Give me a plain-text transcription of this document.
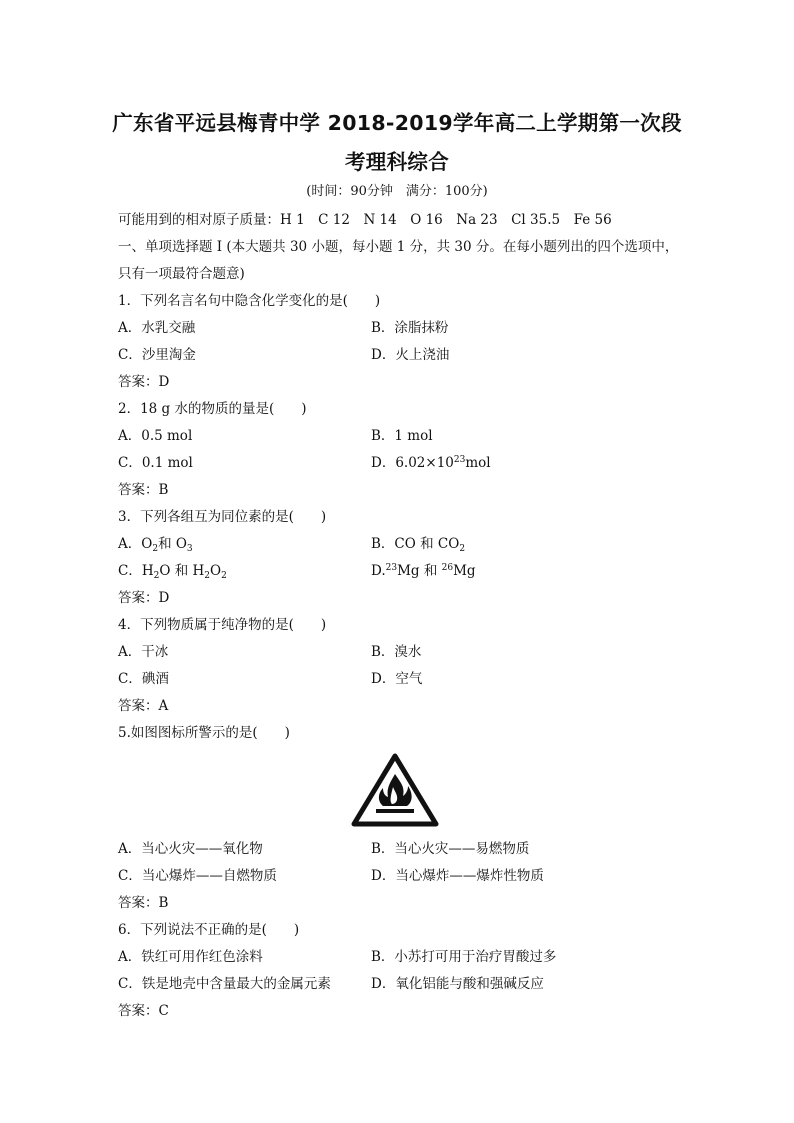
广东省平远县梅青中学 2018-2019学年高二上学期第一次段
考理科综合
(时间：90分钟　满分：100分)
可能用到的相对原子质量：H 1　C 12　N 14　O 16　Na 23　Cl 35.5　Fe 56
一、单项选择题 I (本大题共 30 小题，每小题 1 分，共 30 分。在每小题列出的四个选项中，
只有一项最符合题意)
1．下列名言名句中隐含化学变化的是(　　)
A．水乳交融	B．涂脂抹粉
C．沙里淘金	D．火上浇油
答案：D
2．18 g 水的物质的量是(　　)
A．0.5 mol	B．1 mol
C．0.1 mol	D．$6.02\times 10^{23}mol$
答案：B
3．下列各组互为同位素的是(　　)
A．$O_2$和 $O_3$	B．CO 和 $CO_2$
C．$H_2O$ 和 $H_2O_2$	D.$^{23}$Mg 和 $^{26}$Mg
答案：D
4．下列物质属于纯净物的是(　　)
A．干冰	B．溴水
C．碘酒	D．空气
答案：A
5.如图图标所警示的是(　　)
A．当心火灾——氧化物	B．当心火灾——易燃物质
C．当心爆炸——自燃物质	D．当心爆炸——爆炸性物质
答案：B
6．下列说法不正确的是(　　)
A．铁红可用作红色涂料	B．小苏打可用于治疗胃酸过多
C．铁是地壳中含量最大的金属元素	D．氧化铝能与酸和强碱反应
答案：C
